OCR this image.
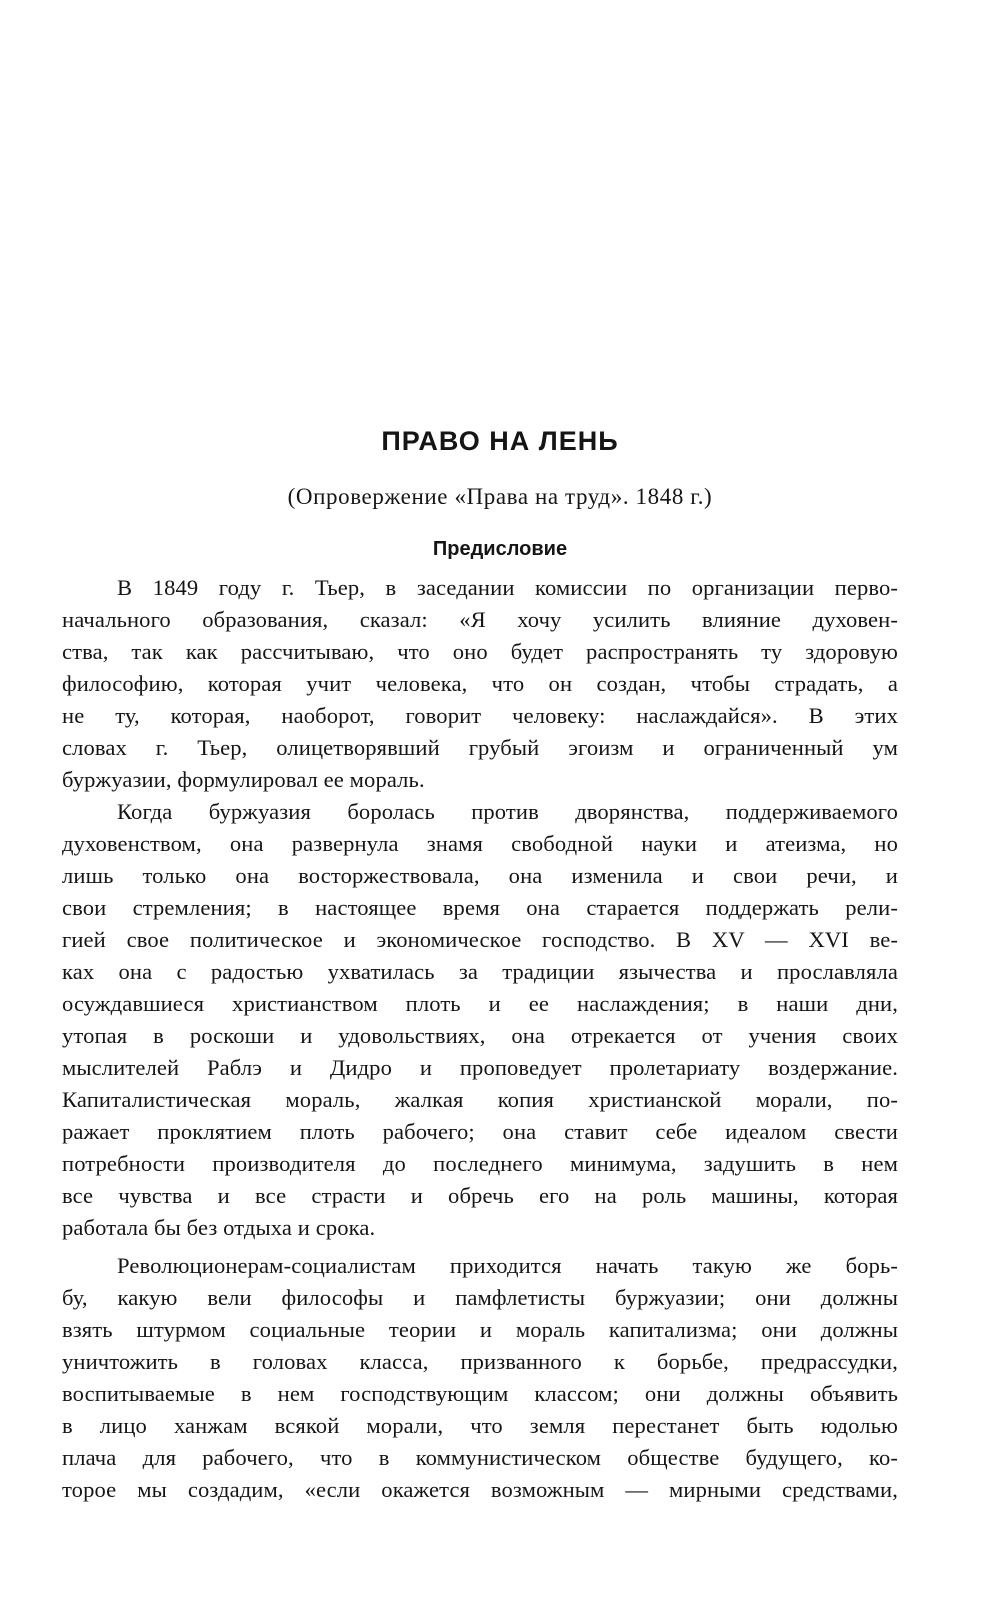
ПРАВО НА ЛЕНЬ

(Опровержение «Права на труд». 1848 г.)

Предисловие
В 1849 году г. Тьер, в заседании комиссии по организации перво-
начального образования, сказал: «Я хочу усилить влияние духовен-
ства, так как рассчитываю, что оно будет распространять ту здоровую
философию, которая учит человека, что он создан, чтобы страдать, а
не ту, которая, наоборот, говорит человеку: наслаждайся». В этих
словах г. Тьер, олицетворявший грубый эгоизм и ограниченный ум
буржуазии, формулировал ее мораль.
Когда буржуазия боролась против дворянства, поддерживаемого
духовенством, она развернула знамя свободной науки и атеизма, но
лишь только она восторжествовала, она изменила и свои речи, и
свои стремления; в настоящее время она старается поддержать рели-
гией свое политическое и экономическое господство. В XV — XVI ве-
ках она с радостью ухватилась за традиции язычества и прославляла
осуждавшиеся христианством плоть и ее наслаждения; в наши дни,
утопая в роскоши и удовольствиях, она отрекается от учения своих
мыслителей Раблэ и Дидро и проповедует пролетариату воздержание.
Капиталистическая мораль, жалкая копия христианской морали, по-
ражает проклятием плоть рабочего; она ставит себе идеалом свести
потребности производителя до последнего минимума, задушить в нем
все чувства и все страсти и обречь его на роль машины, которая
работала бы без отдыха и срока.
Революционерам-социалистам приходится начать такую же борь-
бу, какую вели философы и памфлетисты буржуазии; они должны
взять штурмом социальные теории и мораль капитализма; они должны
уничтожить в головах класса, призванного к борьбе, предрассудки,
воспитываемые в нем господствующим классом; они должны объявить
в лицо ханжам всякой морали, что земля перестанет быть юдолью
плача для рабочего, что в коммунистическом обществе будущего, ко-
торое мы создадим, «если окажется возможным — мирными средствами,
